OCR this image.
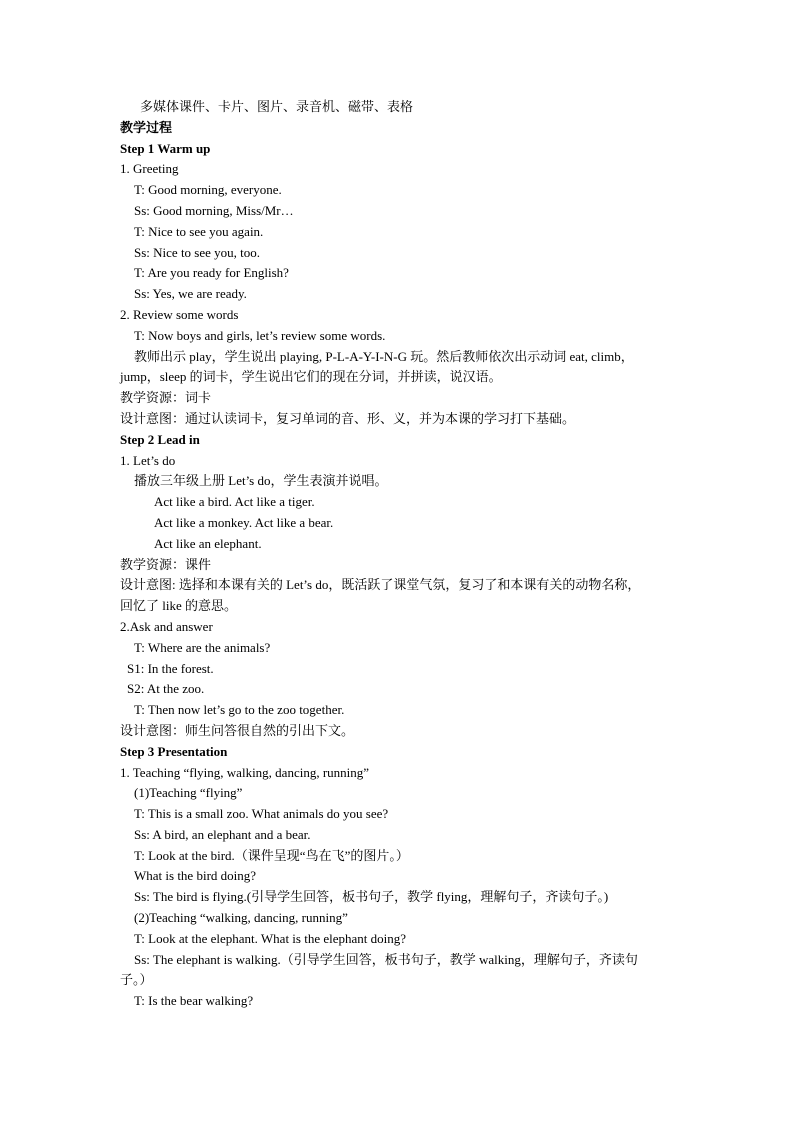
多媒体课件、卡片、图片、录音机、磁带、表格
教学过程
Step 1 Warm up
1. Greeting
T: Good morning, everyone.
Ss: Good morning, Miss/Mr…
T: Nice to see you again.
Ss: Nice to see you, too.
T: Are you ready for English?
Ss: Yes, we are ready.
2. Review some words
T: Now boys and girls, let’s review some words.
教师出示 play，学生说出 playing, P-L-A-Y-I-N-G 玩。然后教师依次出示动词 eat, climb，
jump，sleep 的词卡，学生说出它们的现在分词，并拼读，说汉语。
教学资源：词卡
设计意图：通过认读词卡，复习单词的音、形、义，并为本课的学习打下基础。
Step 2 Lead in
1. Let’s do
播放三年级上册 Let’s do，学生表演并说唱。
Act like a bird. Act like a tiger.
Act like a monkey. Act like a bear.
Act like an elephant.
教学资源：课件
设计意图: 选择和本课有关的 Let’s do，既活跃了课堂气氛，复习了和本课有关的动物名称，
回忆了 like 的意思。
2.Ask and answer
T: Where are the animals?
S1: In the forest.
S2: At the zoo.
T: Then now let’s go to the zoo together.
设计意图：师生问答很自然的引出下文。
Step 3 Presentation
1. Teaching “flying, walking, dancing, running”
(1)Teaching “flying”
T: This is a small zoo. What animals do you see?
Ss: A bird, an elephant and a bear.
T: Look at the bird.（课件呈现“鸟在飞”的图片。）
What is the bird doing?
Ss: The bird is flying.(引导学生回答，板书句子，教学 flying，理解句子，齐读句子。)
(2)Teaching “walking, dancing, running”
T: Look at the elephant. What is the elephant doing?
Ss: The elephant is walking.（引导学生回答，板书句子，教学 walking，理解句子，齐读句
子。）
T: Is the bear walking?
